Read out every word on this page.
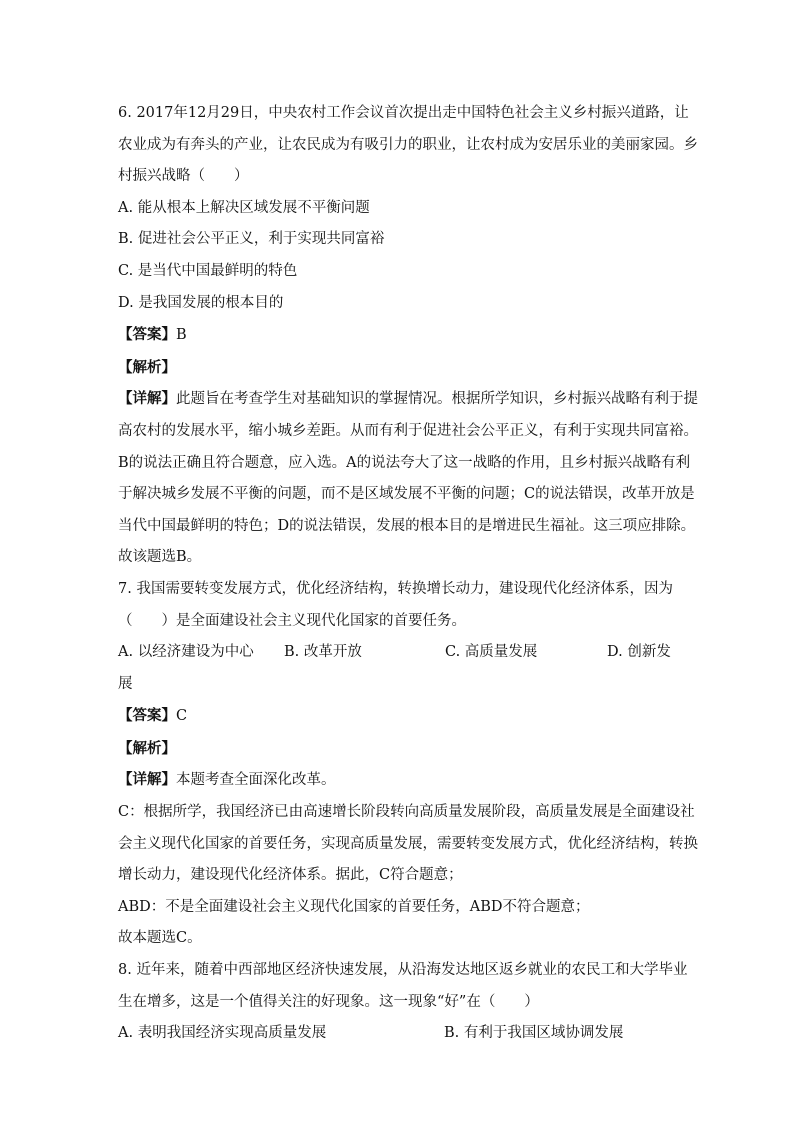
6. 2017年12月29日，中央农村工作会议首次提出走中国特色社会主义乡村振兴道路，让
农业成为有奔头的产业，让农民成为有吸引力的职业，让农村成为安居乐业的美丽家园。乡
村振兴战略（　　）
A. 能从根本上解决区域发展不平衡问题
B. 促进社会公平正义，利于实现共同富裕
C. 是当代中国最鲜明的特色
D. 是我国发展的根本目的
【答案】B
【解析】
【详解】此题旨在考查学生对基础知识的掌握情况。根据所学知识，乡村振兴战略有利于提
高农村的发展水平，缩小城乡差距。从而有利于促进社会公平正义，有利于实现共同富裕。
B的说法正确且符合题意，应入选。A的说法夸大了这一战略的作用，且乡村振兴战略有利
于解决城乡发展不平衡的问题，而不是区域发展不平衡的问题；C的说法错误，改革开放是
当代中国最鲜明的特色；D的说法错误，发展的根本目的是增进民生福祉。这三项应排除。
故该题选B。
7. 我国需要转变发展方式，优化经济结构，转换增长动力，建设现代化经济体系，因为
（　　）是全面建设社会主义现代化国家的首要任务。
A. 以经济建设为中心	B. 改革开放	C. 高质量发展	D. 创新发
展
【答案】C
【解析】
【详解】本题考查全面深化改革。
C：根据所学，我国经济已由高速增长阶段转向高质量发展阶段，高质量发展是全面建设社
会主义现代化国家的首要任务，实现高质量发展，需要转变发展方式，优化经济结构，转换
增长动力，建设现代化经济体系。据此，C符合题意；
ABD：不是全面建设社会主义现代化国家的首要任务，ABD不符合题意；
故本题选C。
8. 近年来，随着中西部地区经济快速发展，从沿海发达地区返乡就业的农民工和大学毕业
生在增多，这是一个值得关注的好现象。这一现象“好”在（　　）
A. 表明我国经济实现高质量发展	B. 有利于我国区域协调发展
